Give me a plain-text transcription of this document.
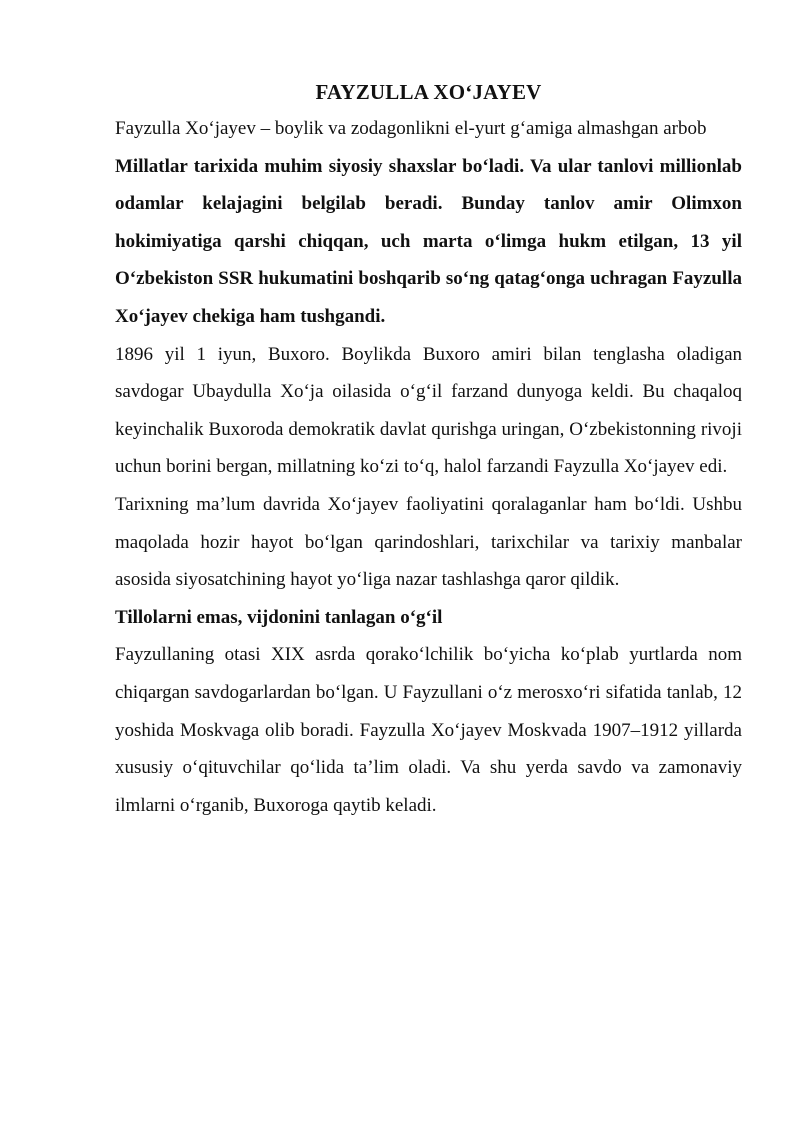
FAYZULLA XO‘JAYEV

Fayzulla Xo‘jayev – boylik va zodagonlikni el-yurt g‘amiga almashgan arbob

Millatlar tarixida muhim siyosiy shaxslar bo‘ladi. Va ular tanlovi millionlab odamlar kelajagini belgilab beradi. Bunday tanlov amir Olimxon hokimiyatiga qarshi chiqqan, uch marta o‘limga hukm etilgan, 13 yil O‘zbekiston SSR hukumatini boshqarib so‘ng qatag‘onga uchragan Fayzulla Xo‘jayev chekiga ham tushgandi.

1896 yil 1 iyun, Buxoro. Boylikda Buxoro amiri bilan tenglasha oladigan savdogar Ubaydulla Xo‘ja oilasida o‘g‘il farzand dunyoga keldi. Bu chaqaloq keyinchalik Buxoroda demokratik davlat qurishga uringan, O‘zbekistonning rivoji uchun borini bergan, millatning ko‘zi to‘q, halol farzandi Fayzulla Xo‘jayev edi.

Tarixning ma’lum davrida Xo‘jayev faoliyatini qoralaganlar ham bo‘ldi. Ushbu maqolada hozir hayot bo‘lgan qarindoshlari, tarixchilar va tarixiy manbalar asosida siyosatchining hayot yo‘liga nazar tashlashga qaror qildik.

Tillolarni emas, vijdonini tanlagan o‘g‘il

Fayzullaning otasi XIX asrda qorako‘lchilik bo‘yicha ko‘plab yurtlarda nom chiqargan savdogarlardan bo‘lgan. U Fayzullani o‘z merosxo‘ri sifatida tanlab, 12 yoshida Moskvaga olib boradi. Fayzulla Xo‘jayev Moskvada 1907–1912 yillarda xususiy o‘qituvchilar qo‘lida ta’lim oladi. Va shu yerda savdo va zamonaviy ilmlarni o‘rganib, Buxoroga qaytib keladi.
